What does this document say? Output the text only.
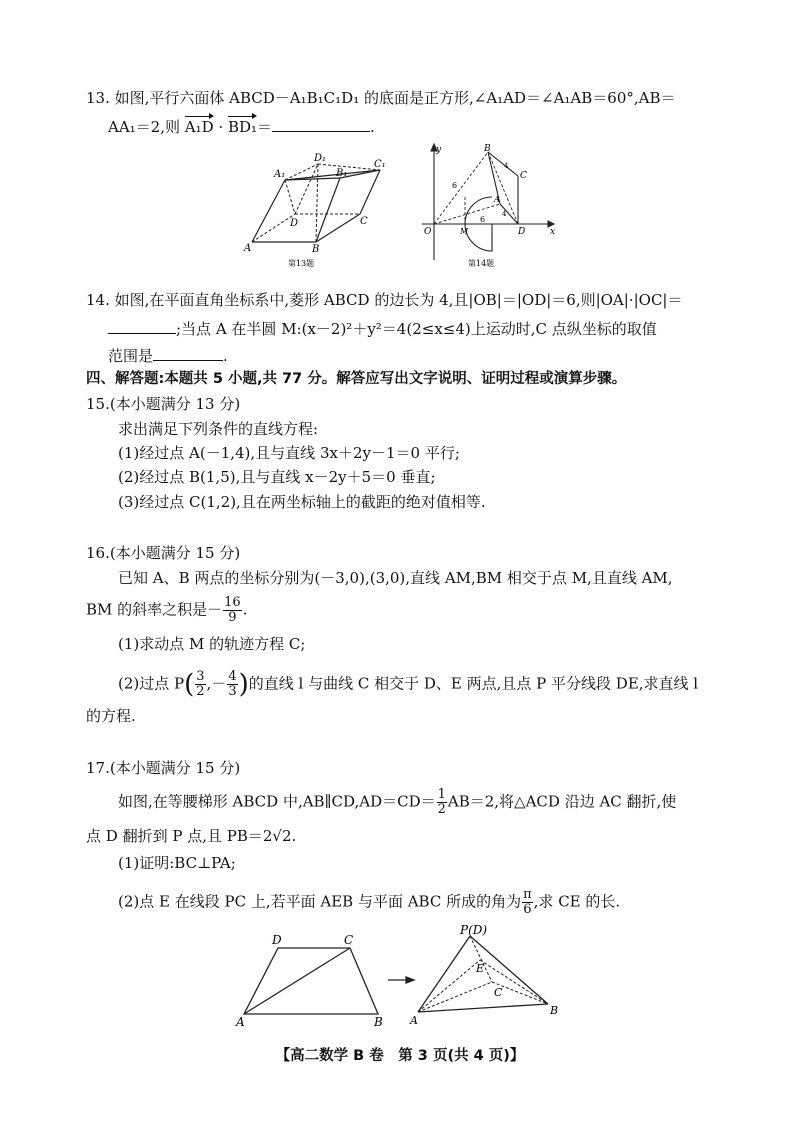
13. 如图,平行六面体 ABCD－A₁B₁C₁D₁ 的底面是正方形,∠A₁AD＝∠A₁AB＝60°,AB＝
AA₁＝2,则 A₁D · BD₁＝	.
A₁
D₁
C₁
B₁
A	B
C
D
第13题
y
x
O	M
B
A
C
D
6
6
4
4
第14题
14. 如图,在平面直角坐标系中,菱形 ABCD 的边长为 4,且|OB|＝|OD|＝6,则|OA|·|OC|＝
;当点 A 在半圆 M:(x－2)²＋y²＝4(2≤x≤4)上运动时,C 点纵坐标的取值
范围是	.
四、解答题:本题共 5 小题,共 77 分。解答应写出文字说明、证明过程或演算步骤。
15.(本小题满分 13 分)
求出满足下列条件的直线方程:
(1)经过点 A(－1,4),且与直线 3x＋2y－1＝0 平行;
(2)经过点 B(1,5),且与直线 x－2y＋5＝0 垂直;
(3)经过点 C(1,2),且在两坐标轴上的截距的绝对值相等.
16.(本小题满分 15 分)
已知 A、B 两点的坐标分别为(－3,0),(3,0),直线 AM,BM 相交于点 M,且直线 AM,
BM 的斜率之积是－ $\frac{16}{9}$ .
(1)求动点 M 的轨迹方程 C;
(2)过点 $P( \frac{3}{2}$ ,－ $\frac{4}{3}$ )的直线 l 与曲线 C 相交于 D、E 两点,且点 P 平分线段 DE,求直线 l
的方程.
17.(本小题满分 15 分)
如图,在等腰梯形 ABCD 中,AB∥CD,AD＝CD＝ $\frac{1}{2} AB=2$,将△ACD 沿边 AC 翻折,使
点 D 翻折到 P 点,且 PB＝2√2.
(1)证明:BC⊥PA;
(2)点 E 在线段 PC 上,若平面 AEB 与平面 ABC 所成的角为 $\frac{\pi}{6}$ ,求 CE 的长.
D	C
A	B
P(D)
E
C
A
B
【高二数学 B 卷　第 3 页(共 4 页)】
